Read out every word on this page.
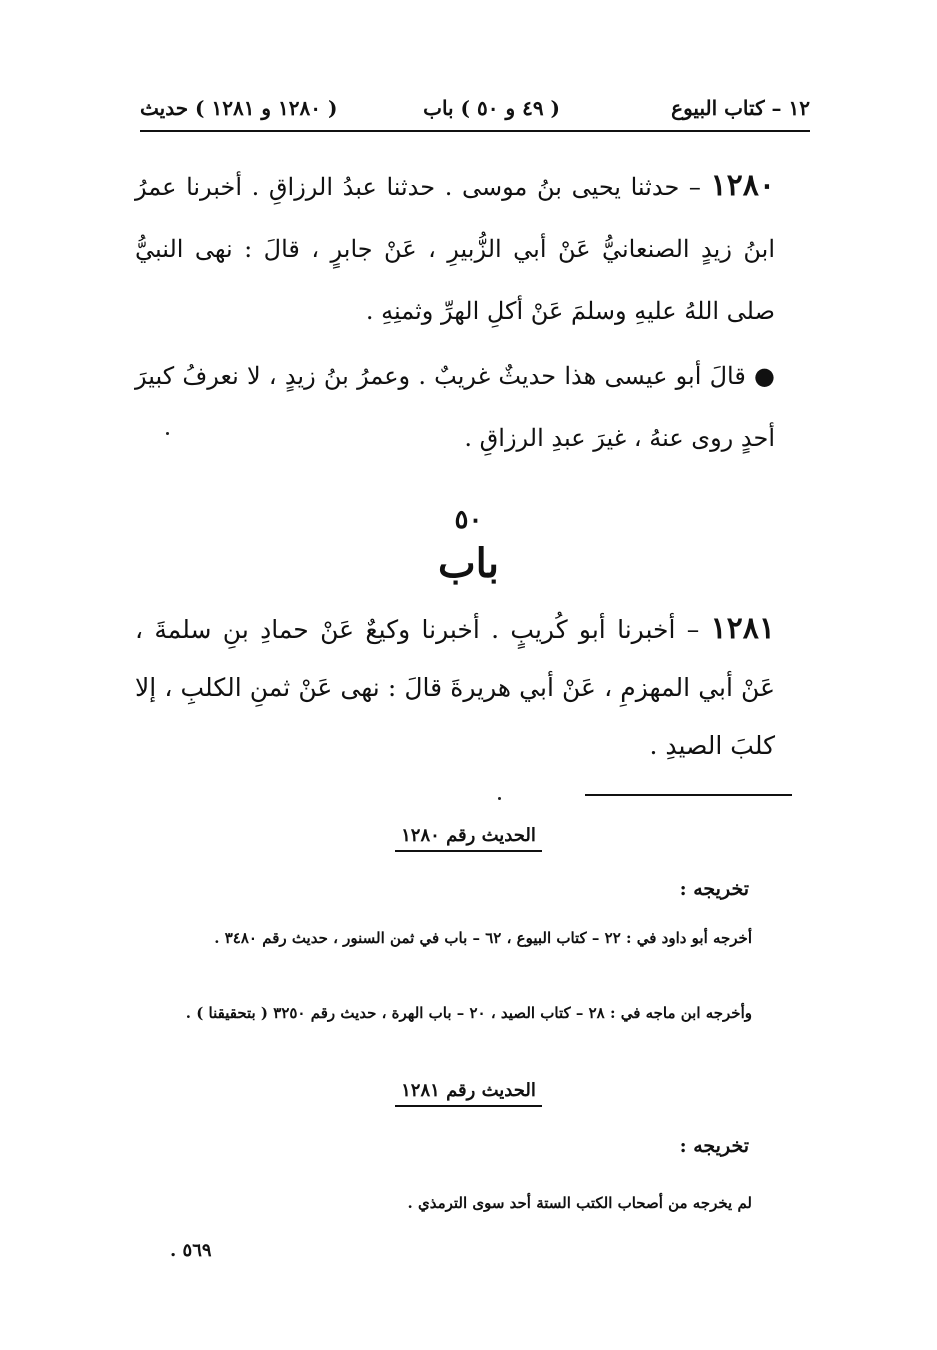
١٢ – كتاب البيوع
( ٤٩ و ٥٠ ) باب
( ١٢٨٠ و ١٢٨١ ) حديث
١٢٨٠ – حدثنا يحيى بنُ موسى . حدثنا عبدُ الرزاقِ . أخبرنا عمرُ ابنُ زيدٍ الصنعانيُّ عَنْ أبي الزُّبيرِ ، عَنْ جابرٍ ، قالَ : نهى النبيُّ صلى اللهُ عليهِ وسلمَ عَنْ أكلِ الهرِّ وثمنِهِ .
● قالَ أبو عيسى هذا حديثٌ غريبٌ . وعمرُ بنُ زيدٍ ، لا نعرفُ كبيرَ أحدٍ روى عنهُ ، غيرَ عبدِ الرزاقِ .
٥٠
باب
١٢٨١ – أخبرنا أبو كُريبٍ . أخبرنا وكيعٌ عَنْ حمادِ بنِ سلمةَ ، عَنْ أبي المهزمِ ، عَنْ أبي هريرةَ قالَ : نهى عَنْ ثمنِ الكلبِ ، إلا كلبَ الصيدِ .
الحديث رقم ١٢٨٠
تخريجه :
أخرجه أبو داود في : ٢٢ – كتاب البيوع ، ٦٢ – باب في ثمن السنور ، حديث رقم ٣٤٨٠ .
وأخرجه ابن ماجه في : ٢٨ – كتاب الصيد ، ٢٠ – باب الهرة ، حديث رقم ٣٢٥٠ ( بتحقيقنا ) .
الحديث رقم ١٢٨١
تخريجه :
لم يخرجه من أصحاب الكتب الستة أحد سوى الترمذي .
٥٦٩ .
